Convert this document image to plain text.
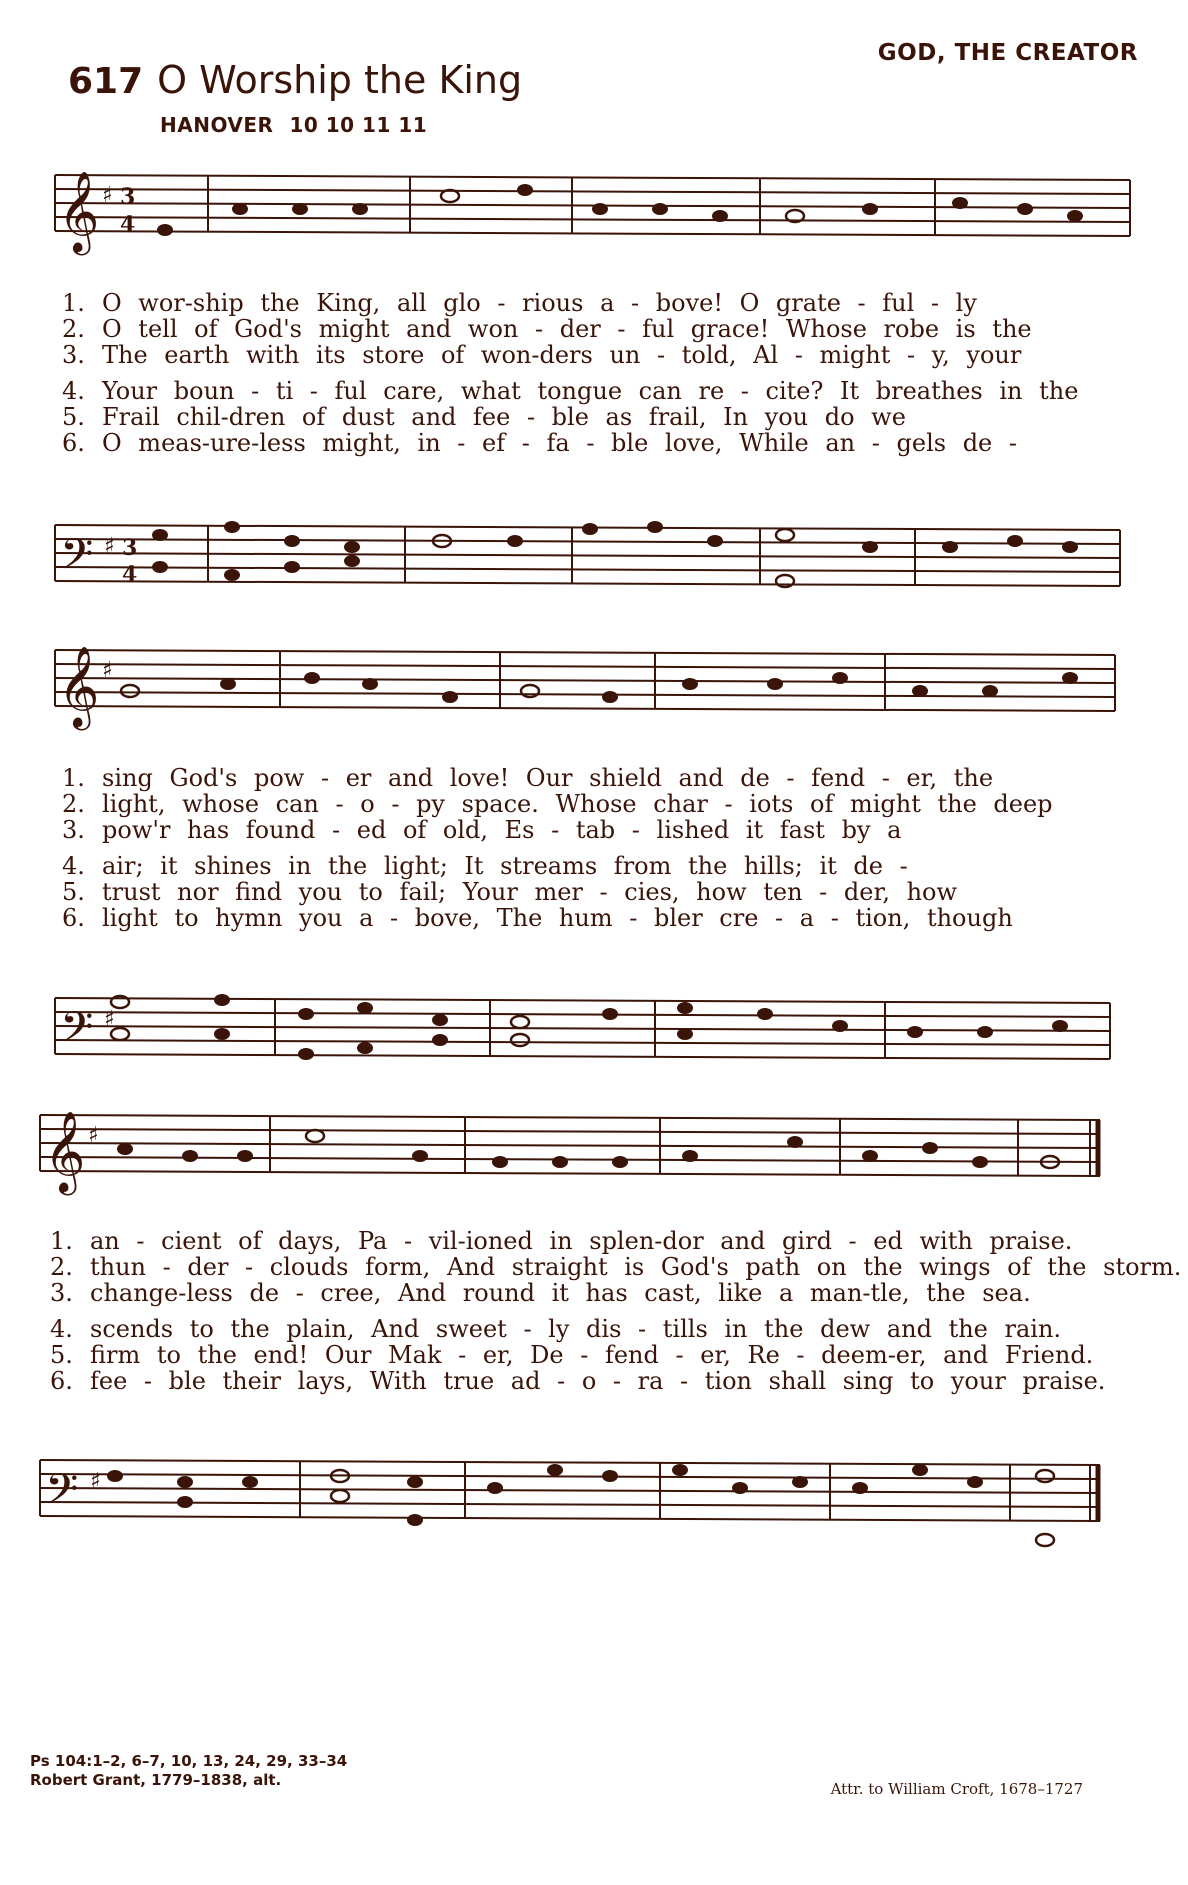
GOD, THE CREATOR
617 O Worship the King
HANOVER 10 10 11 11
𝄞 ♯ 3
4
1. O wor-ship the King, all glo - rious a - bove! O grate - ful - ly
2. O tell of God's might and won - der - ful grace! Whose robe is the
3. The earth with its store of won-ders un - told, Al - might - y, your
4. Your boun - ti - ful care, what tongue can re - cite? It breathes in the
5. Frail chil-dren of dust and fee - ble as frail, In you do we
6. O meas-ure-less might, in - ef - fa - ble love, While an - gels de -
𝄢 ♯ 3
4
𝄞 ♯
1. sing God's pow - er and love! Our shield and de - fend - er, the
2. light, whose can - o - py space. Whose char - iots of might the deep
3. pow'r has found - ed of old, Es - tab - lished it fast by a
4. air; it shines in the light; It streams from the hills; it de -
5. trust nor find you to fail; Your mer - cies, how ten - der, how
6. light to hymn you a - bove, The hum - bler cre - a - tion, though
𝄢 ♯
𝄞 ♯
1. an - cient of days, Pa - vil-ioned in splen-dor and gird - ed with praise.
2. thun - der - clouds form, And straight is God's path on the wings of the storm.
3. change-less de - cree, And round it has cast, like a man-tle, the sea.
4. scends to the plain, And sweet - ly dis - tills in the dew and the rain.
5. firm to the end! Our Mak - er, De - fend - er, Re - deem-er, and Friend.
6. fee - ble their lays, With true ad - o - ra - tion shall sing to your praise.
𝄢 ♯
Ps 104:1–2, 6–7, 10, 13, 24, 29, 33–34
Robert Grant, 1779–1838, alt.	Attr. to William Croft, 1678–1727
